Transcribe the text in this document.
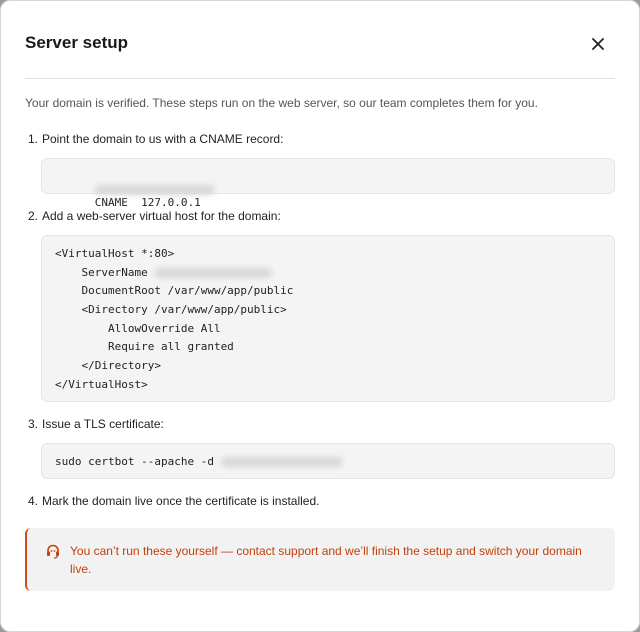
Server setup
Your domain is verified. These steps run on the web server, so our team completes them for you.
1. Point the domain to us with a CNAME record:

CNAME 127.0.0.1

2. Add a web-server virtual host for the domain:
<VirtualHost *:80>
ServerName
DocumentRoot /var/www/app/public
<Directory /var/www/app/public>
AllowOverride All
Require all granted
</Directory>
</VirtualHost>
3. Issue a TLS certificate:
sudo certbot --apache -d
4. Mark the domain live once the certificate is installed.
You can’t run these yourself — contact support and we’ll finish the setup and switch your domain live.
